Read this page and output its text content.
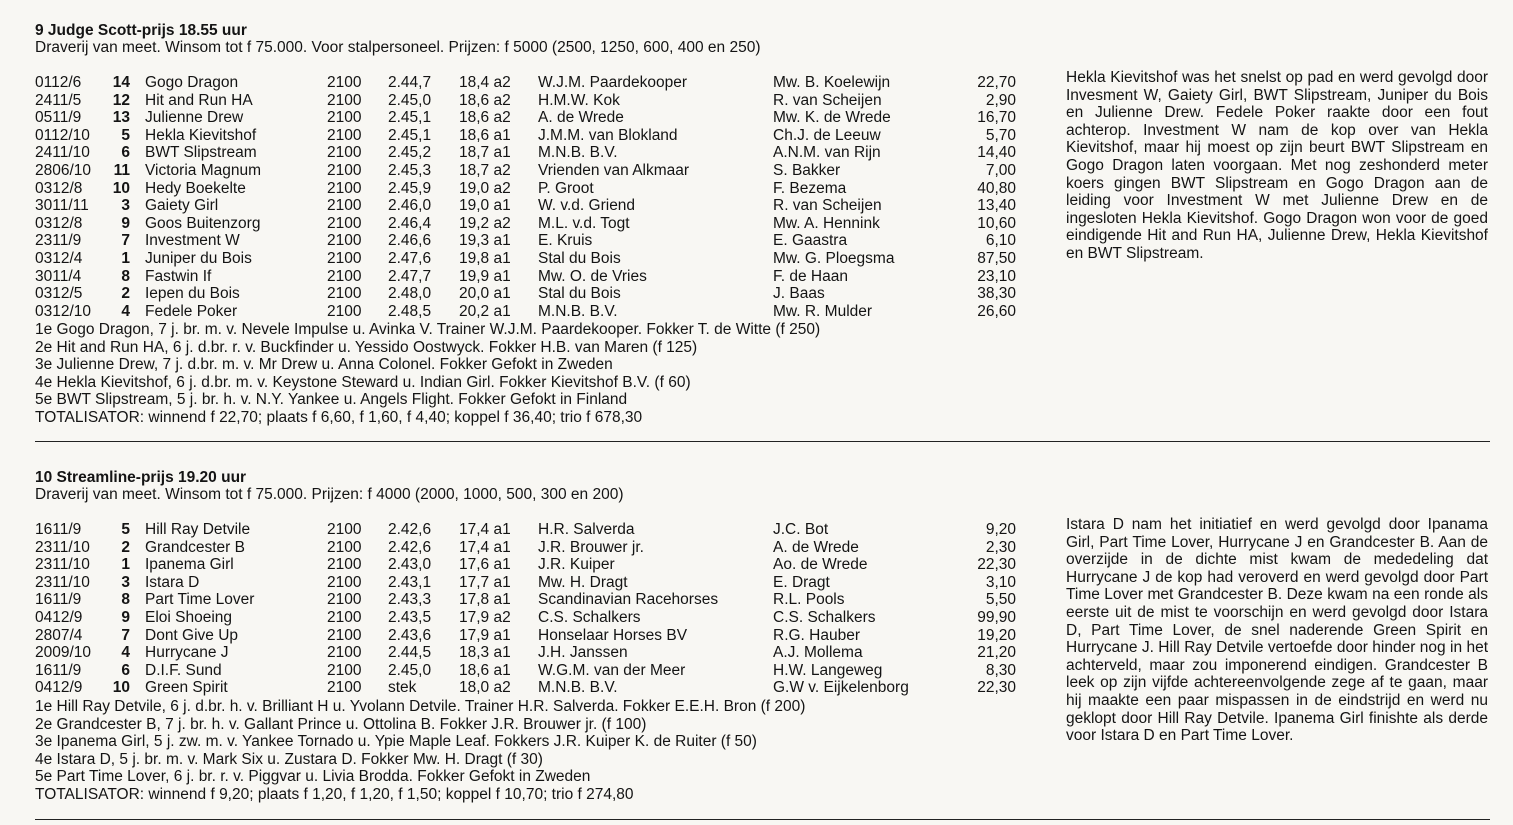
9 Judge Scott-prijs 18.55 uur
Draverij van meet. Winsom tot f 75.000. Voor stalpersoneel. Prijzen: f 5000 (2500, 1250, 600, 400 en 250)
0112/6	14 Gogo Dragon	2100 2.44,7 18,4 a2 W.J.M. Paardekooper	Mw. B. Koelewijn	22,70
2411/5	12 Hit and Run HA	2100 2.45,0 18,6 a2 H.M.W. Kok	R. van Scheijen	2,90
0511/9	13 Julienne Drew	2100 2.45,1 18,6 a2 A. de Wrede	Mw. K. de Wrede	16,70
0112/10	5 Hekla Kievitshof	2100 2.45,1 18,6 a1 J.M.M. van Blokland	Ch.J. de Leeuw	5,70
2411/10	6 BWT Slipstream	2100 2.45,2 18,7 a1 M.N.B. B.V.	A.N.M. van Rijn	14,40
2806/10	11 Victoria Magnum	2100 2.45,3 18,7 a2 Vrienden van Alkmaar	S. Bakker	7,00
0312/8	10 Hedy Boekelte	2100 2.45,9 19,0 a2 P. Groot	F. Bezema	40,80
3011/11	3 Gaiety Girl	2100 2.46,0 19,0 a1 W. v.d. Griend	R. van Scheijen	13,40
0312/8	9 Goos Buitenzorg	2100 2.46,4 19,2 a2 M.L. v.d. Togt	Mw. A. Hennink	10,60
2311/9	7 Investment W	2100 2.46,6 19,3 a1 E. Kruis	E. Gaastra	6,10
0312/4	1 Juniper du Bois	2100 2.47,6 19,8 a1 Stal du Bois	Mw. G. Ploegsma	87,50
3011/4	8 Fastwin If	2100 2.47,7 19,9 a1 Mw. O. de Vries	F. de Haan	23,10
0312/5	2 Iepen du Bois	2100 2.48,0 20,0 a1 Stal du Bois	J. Baas	38,30
0312/10	4 Fedele Poker	2100 2.48,5 20,2 a1 M.N.B. B.V.	Mw. R. Mulder	26,60
1e Gogo Dragon, 7 j. br. m. v. Nevele Impulse u. Avinka V. Trainer W.J.M. Paardekooper. Fokker T. de Witte (f 250)
2e Hit and Run HA, 6 j. d.br. r. v. Buckfinder u. Yessido Oostwyck. Fokker H.B. van Maren (f 125)
3e Julienne Drew, 7 j. d.br. m. v. Mr Drew u. Anna Colonel. Fokker Gefokt in Zweden
4e Hekla Kievitshof, 6 j. d.br. m. v. Keystone Steward u. Indian Girl. Fokker Kievitshof B.V. (f 60)
5e BWT Slipstream, 5 j. br. h. v. N.Y. Yankee u. Angels Flight. Fokker Gefokt in Finland
TOTALISATOR: winnend f 22,70; plaats f 6,60, f 1,60, f 4,40; koppel f 36,40; trio f 678,30
Hekla Kievitshof was het snelst op pad en werd gevolgd door Invesment W, Gaiety Girl, BWT Slipstream, Juniper du Bois en Julienne Drew. Fedele Poker raakte door een fout achterop. Investment W nam de kop over van Hekla Kievitshof, maar hij moest op zijn beurt BWT Slipstream en Gogo Dragon laten voorgaan. Met nog zeshonderd meter koers gingen BWT Slipstream en Gogo Dragon aan de leiding voor Investment W met Julienne Drew en de ingesloten Hekla Kievitshof. Gogo Dragon won voor de goed eindigende Hit and Run HA, Julienne Drew, Hekla Kievitshof en BWT Slipstream.
10 Streamline-prijs 19.20 uur
Draverij van meet. Winsom tot f 75.000. Prijzen: f 4000 (2000, 1000, 500, 300 en 200)
1611/9	5 Hill Ray Detvile	2100 2.42,6 17,4 a1 H.R. Salverda	J.C. Bot	9,20
2311/10	2 Grandcester B	2100 2.42,6 17,4 a1 J.R. Brouwer jr.	A. de Wrede	2,30
2311/10	1 Ipanema Girl	2100 2.43,0 17,6 a1 J.R. Kuiper	Ao. de Wrede	22,30
2311/10	3 Istara D	2100 2.43,1 17,7 a1 Mw. H. Dragt	E. Dragt	3,10
1611/9	8 Part Time Lover	2100 2.43,3 17,8 a1 Scandinavian Racehorses	R.L. Pools	5,50
0412/9	9 Eloi Shoeing	2100 2.43,5 17,9 a2 C.S. Schalkers	C.S. Schalkers	99,90
2807/4	7 Dont Give Up	2100 2.43,6 17,9 a1 Honselaar Horses BV	R.G. Hauber	19,20
2009/10	4 Hurrycane J	2100 2.44,5 18,3 a1 J.H. Janssen	A.J. Mollema	21,20
1611/9	6 D.I.F. Sund	2100 2.45,0 18,6 a1 W.G.M. van der Meer	H.W. Langeweg	8,30
0412/9	10 Green Spirit	2100 stek	18,0 a2 M.N.B. B.V.	G.W v. Eijkelenborg	22,30
1e Hill Ray Detvile, 6 j. d.br. h. v. Brilliant H u. Yvolann Detvile. Trainer H.R. Salverda. Fokker E.E.H. Bron (f 200)
2e Grandcester B, 7 j. br. h. v. Gallant Prince u. Ottolina B. Fokker J.R. Brouwer jr. (f 100)
3e Ipanema Girl, 5 j. zw. m. v. Yankee Tornado u. Ypie Maple Leaf. Fokkers J.R. Kuiper K. de Ruiter (f 50)
4e Istara D, 5 j. br. m. v. Mark Six u. Zustara D. Fokker Mw. H. Dragt (f 30)
5e Part Time Lover, 6 j. br. r. v. Piggvar u. Livia Brodda. Fokker Gefokt in Zweden
TOTALISATOR: winnend f 9,20; plaats f 1,20, f 1,20, f 1,50; koppel f 10,70; trio f 274,80
Istara D nam het initiatief en werd gevolgd door Ipanama Girl, Part Time Lover, Hurrycane J en Grandcester B. Aan de overzijde in de dichte mist kwam de mededeling dat Hurrycane J de kop had veroverd en werd gevolgd door Part Time Lover met Grandcester B. Deze kwam na een ronde als eerste uit de mist te voorschijn en werd gevolgd door Istara D, Part Time Lover, de snel naderende Green Spirit en Hurrycane J. Hill Ray Detvile vertoefde door hinder nog in het achterveld, maar zou imponerend eindigen. Grandcester B leek op zijn vijfde achtereenvolgende zege af te gaan, maar hij maakte een paar mispassen in de eindstrijd en werd nu geklopt door Hill Ray Detvile. Ipanema Girl finishte als derde voor Istara D en Part Time Lover.
